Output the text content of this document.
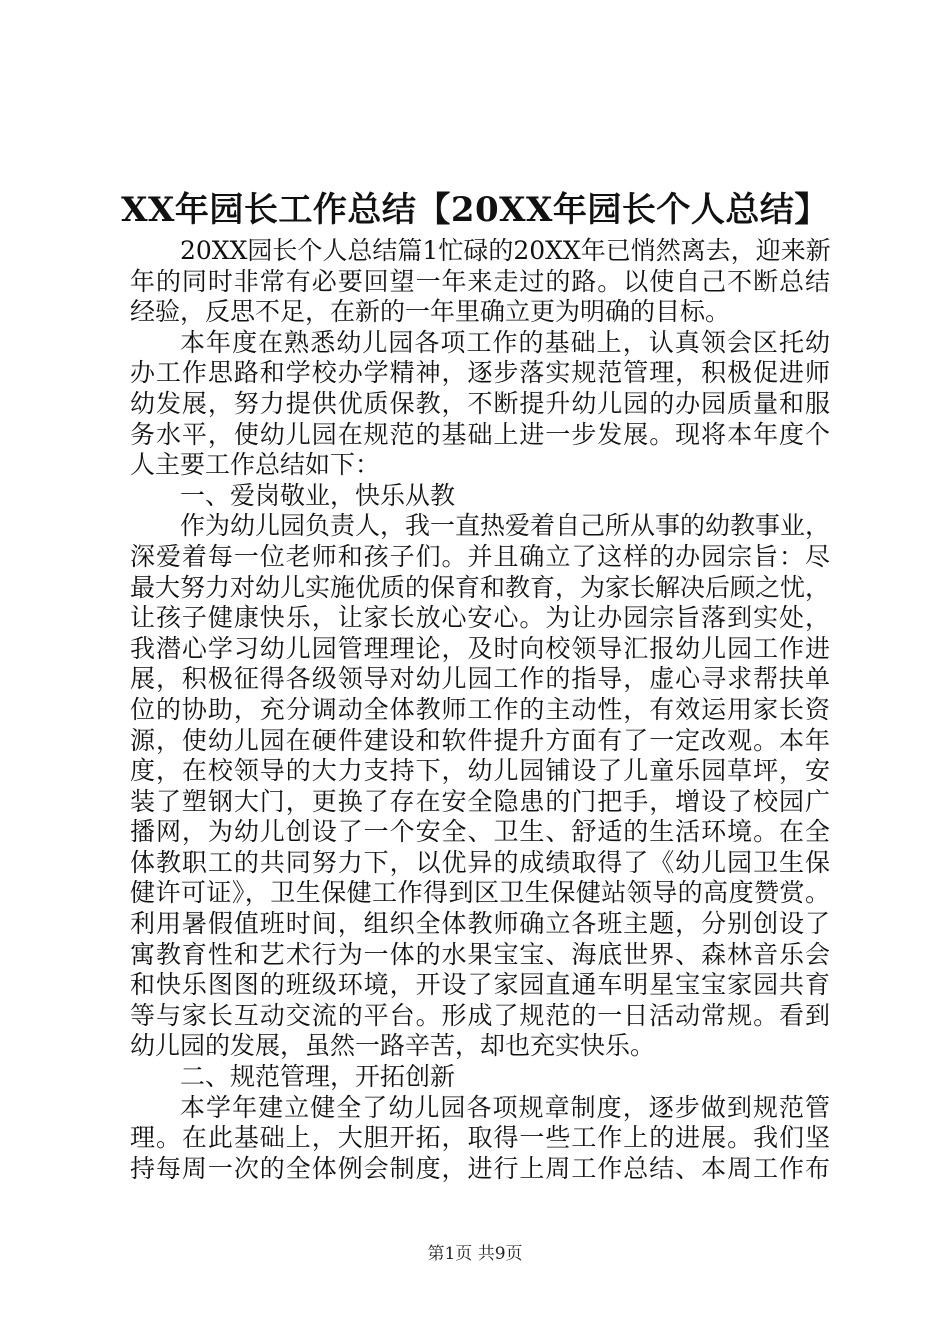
XX年园长工作总结【20XX年园长个人总结】
20XX园长个人总结篇1忙碌的20XX年已悄然离去，迎来新
年的同时非常有必要回望一年来走过的路。以使自己不断总结
经验，反思不足，在新的一年里确立更为明确的目标。
本年度在熟悉幼儿园各项工作的基础上，认真领会区托幼
办工作思路和学校办学精神，逐步落实规范管理，积极促进师
幼发展，努力提供优质保教，不断提升幼儿园的办园质量和服
务水平，使幼儿园在规范的基础上进一步发展。现将本年度个
人主要工作总结如下：
一、爱岗敬业，快乐从教
作为幼儿园负责人，我一直热爱着自己所从事的幼教事业，
深爱着每一位老师和孩子们。并且确立了这样的办园宗旨：尽
最大努力对幼儿实施优质的保育和教育，为家长解决后顾之忧，
让孩子健康快乐，让家长放心安心。为让办园宗旨落到实处，
我潜心学习幼儿园管理理论，及时向校领导汇报幼儿园工作进
展，积极征得各级领导对幼儿园工作的指导，虚心寻求帮扶单
位的协助，充分调动全体教师工作的主动性，有效运用家长资
源，使幼儿园在硬件建设和软件提升方面有了一定改观。本年
度，在校领导的大力支持下，幼儿园铺设了儿童乐园草坪，安
装了塑钢大门，更换了存在安全隐患的门把手，增设了校园广
播网，为幼儿创设了一个安全、卫生、舒适的生活环境。在全
体教职工的共同努力下，以优异的成绩取得了《幼儿园卫生保
健许可证》，卫生保健工作得到区卫生保健站领导的高度赞赏。
利用暑假值班时间，组织全体教师确立各班主题，分别创设了
寓教育性和艺术行为一体的水果宝宝、海底世界、森林音乐会
和快乐图图的班级环境，开设了家园直通车明星宝宝家园共育
等与家长互动交流的平台。形成了规范的一日活动常规。看到
幼儿园的发展，虽然一路辛苦，却也充实快乐。
二、规范管理，开拓创新
本学年建立健全了幼儿园各项规章制度，逐步做到规范管
理。在此基础上，大胆开拓，取得一些工作上的进展。我们坚
持每周一次的全体例会制度，进行上周工作总结、本周工作布
第1页 共9页
